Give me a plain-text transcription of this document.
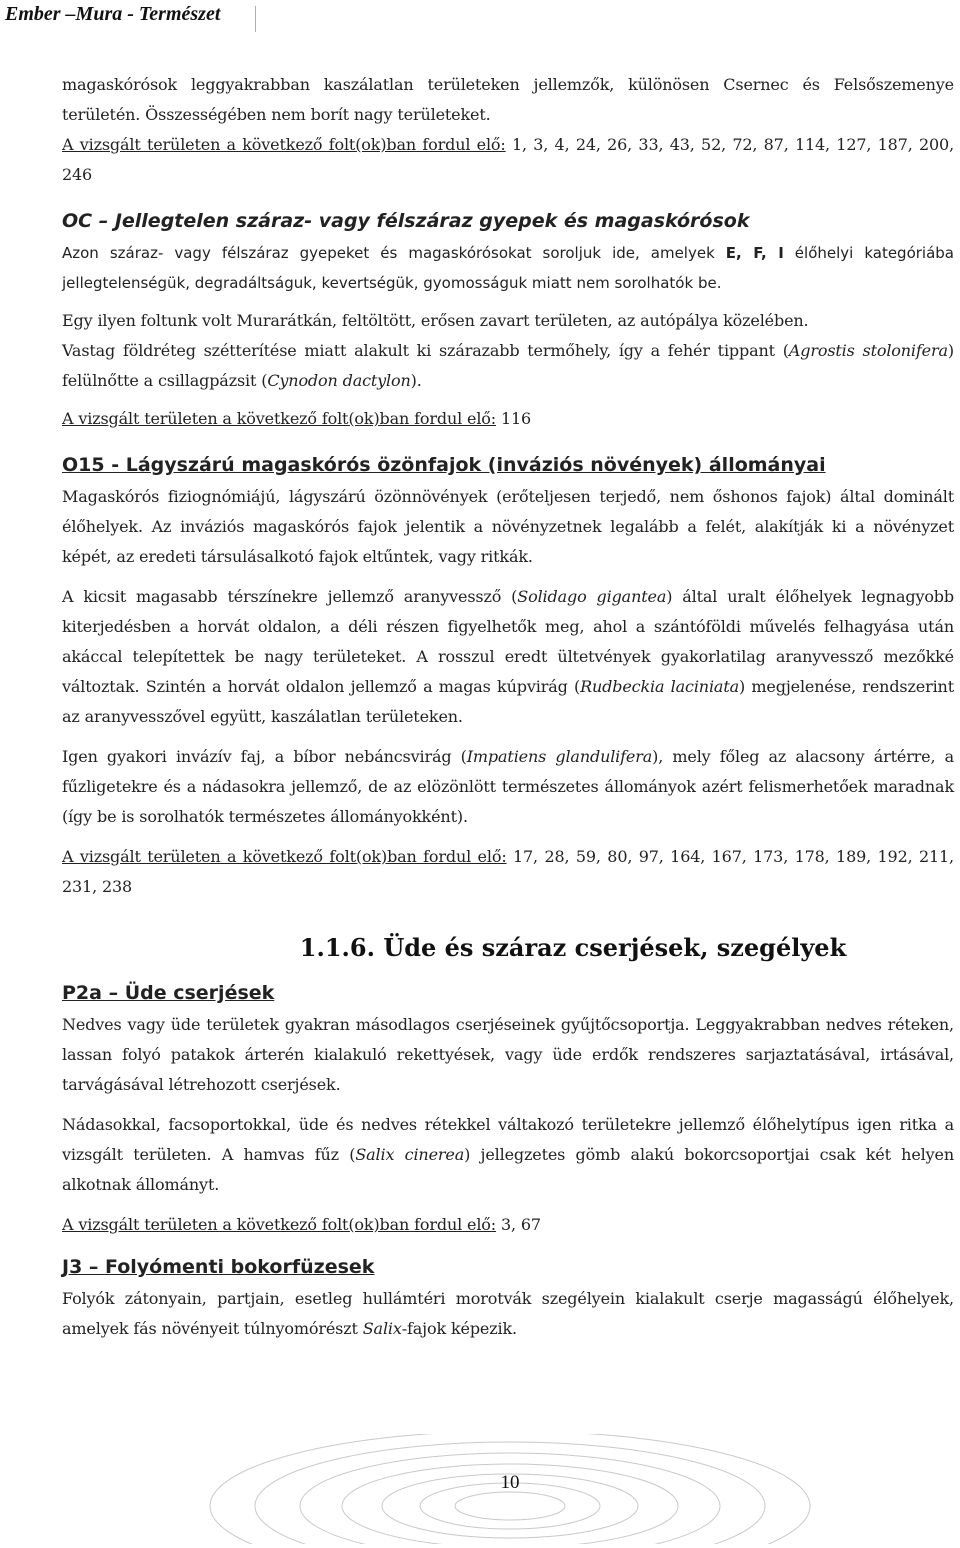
Ember –Mura - Természet

magaskórósok leggyakrabban kaszálatlan területeken jellemzők, különösen Csernec és Felsőszemenye területén. Összességében nem borít nagy területeket.

A vizsgált területen a következő folt(ok)ban fordul elő: 1, 3, 4, 24, 26, 33, 43, 52, 72, 87, 114, 127, 187, 200, 246

OC – Jellegtelen száraz- vagy félszáraz gyepek és magaskórósok

Azon száraz- vagy félszáraz gyepeket és magaskórósokat soroljuk ide, amelyek E, F, I élőhelyi kategóriába jellegtelenségük, degradáltságuk, kevertségük, gyomosságuk miatt nem sorolhatók be.

Egy ilyen foltunk volt Murarátkán, feltöltött, erősen zavart területen, az autópálya közelében.

Vastag földréteg szétterítése miatt alakult ki szárazabb termőhely, így a fehér tippant (Agrostis stolonifera) felülnőtte a csillagpázsit (Cynodon dactylon).

A vizsgált területen a következő folt(ok)ban fordul elő: 116

O15 - Lágyszárú magaskórós özönfajok (inváziós növények) állományai

Magaskórós fiziognómiájú, lágyszárú özönnövények (erőteljesen terjedő, nem őshonos fajok) által dominált élőhelyek. Az inváziós magaskórós fajok jelentik a növényzetnek legalább a felét, alakítják ki a növényzet képét, az eredeti társulásalkotó fajok eltűntek, vagy ritkák.

A kicsit magasabb térszínekre jellemző aranyvessző (Solidago gigantea) által uralt élőhelyek legnagyobb kiterjedésben a horvát oldalon, a déli részen figyelhetők meg, ahol a szántóföldi művelés felhagyása után akáccal telepítettek be nagy területeket. A rosszul eredt ültetvények gyakorlatilag aranyvessző mezőkké változtak. Szintén a horvát oldalon jellemző a magas kúpvirág (Rudbeckia laciniata) megjelenése, rendszerint az aranyvesszővel együtt, kaszálatlan területeken.

Igen gyakori invázív faj, a bíbor nebáncsvirág (Impatiens glandulifera), mely főleg az alacsony ártérre, a fűzligetekre és a nádasokra jellemző, de az elözönlött természetes állományok azért felismerhetőek maradnak (így be is sorolhatók természetes állományokként).

A vizsgált területen a következő folt(ok)ban fordul elő: 17, 28, 59, 80, 97, 164, 167, 173, 178, 189, 192, 211, 231, 238

1.1.6. Üde és száraz cserjések, szegélyek
P2a – Üde cserjések

Nedves vagy üde területek gyakran másodlagos cserjéseinek gyűjtőcsoportja. Leggyakrabban nedves réteken, lassan folyó patakok árterén kialakuló rekettyések, vagy üde erdők rendszeres sarjaztatásával, irtásával, tarvágásával létrehozott cserjések.

Nádasokkal, facsoportokkal, üde és nedves rétekkel váltakozó területekre jellemző élőhelytípus igen ritka a vizsgált területen. A hamvas fűz (Salix cinerea) jellegzetes gömb alakú bokorcsoportjai csak két helyen alkotnak állományt.

A vizsgált területen a következő folt(ok)ban fordul elő: 3, 67

J3 – Folyómenti bokorfüzesek

Folyók zátonyain, partjain, esetleg hullámtéri morotvák szegélyein kialakult cserje magasságú élőhelyek, amelyek fás növényeit túlnyomórészt Salix-fajok képezik.

10
